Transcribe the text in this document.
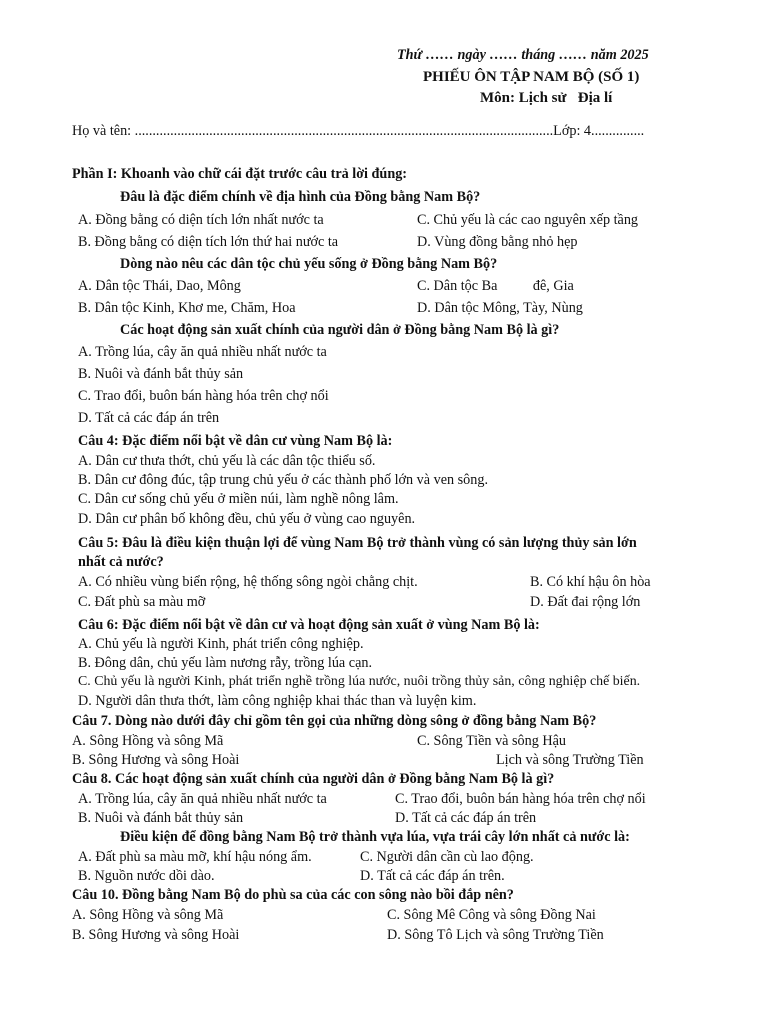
Thứ …… ngày …… tháng …… năm 2025
PHIẾU ÔN TẬP NAM BỘ (SỐ 1)
Môn: Lịch sử   Địa lí
Họ và tên: ......................................................................................................................Lớp: 4...............
Phần I: Khoanh vào chữ cái đặt trước câu trả lời đúng:
Đâu là đặc điểm chính về địa hình của Đồng bằng Nam Bộ?
A. Đồng bằng có diện tích lớn nhất nước ta	C. Chủ yếu là các cao nguyên xếp tầng
B. Đồng bằng có diện tích lớn thứ hai nước ta	D. Vùng đồng bằng nhỏ hẹp
Dòng nào nêu các dân tộc chủ yếu sống ở Đồng bằng Nam Bộ?
A. Dân tộc Thái, Dao, Mông	C. Dân tộc Ba          đê, Gia
B. Dân tộc Kinh, Khơ me, Chăm, Hoa	D. Dân tộc Mông, Tày, Nùng
Các hoạt động sản xuất chính của người dân ở Đồng bằng Nam Bộ là gì?
A. Trồng lúa, cây ăn quả nhiều nhất nước ta
B. Nuôi và đánh bắt thủy sản
C. Trao đổi, buôn bán hàng hóa trên chợ nổi
D. Tất cả các đáp án trên
Câu 4: Đặc điểm nổi bật về dân cư vùng Nam Bộ là:
A. Dân cư thưa thớt, chủ yếu là các dân tộc thiểu số.
B. Dân cư đông đúc, tập trung chủ yếu ở các thành phố lớn và ven sông.
C. Dân cư sống chủ yếu ở miền núi, làm nghề nông lâm.
D. Dân cư phân bố không đều, chủ yếu ở vùng cao nguyên.
Câu 5: Đâu là điều kiện thuận lợi để vùng Nam Bộ trở thành vùng có sản lượng thủy sản lớn
nhất cả nước?
A. Có nhiều vùng biển rộng, hệ thống sông ngòi chằng chịt.	B. Có khí hậu ôn hòa
C. Đất phù sa màu mỡ	D. Đất đai rộng lớn
Câu 6: Đặc điểm nổi bật về dân cư và hoạt động sản xuất ở vùng Nam Bộ là:
A. Chủ yếu là người Kinh, phát triển công nghiệp.
B. Đông dân, chủ yếu làm nương rẫy, trồng lúa cạn.
C. Chủ yếu là người Kinh, phát triển nghề trồng lúa nước, nuôi trồng thủy sản, công nghiệp chế biến.
D. Người dân thưa thớt, làm công nghiệp khai thác than và luyện kim.
Câu 7. Dòng nào dưới đây chỉ gồm tên gọi của những dòng sông ở đồng bằng Nam Bộ?
A. Sông Hồng và sông Mã	C. Sông Tiền và sông Hậu
B. Sông Hương và sông Hoài	Lịch và sông Trường Tiền
Câu 8. Các hoạt động sản xuất chính của người dân ở Đồng bằng Nam Bộ là gì?
A. Trồng lúa, cây ăn quả nhiều nhất nước ta	C. Trao đổi, buôn bán hàng hóa trên chợ nổi
B. Nuôi và đánh bắt thủy sản	D. Tất cả các đáp án trên
Điều kiện để đồng bằng Nam Bộ trở thành vựa lúa, vựa trái cây lớn nhất cả nước là:
A. Đất phù sa màu mỡ, khí hậu nóng ẩm.	C. Người dân cần cù lao động.
B. Nguồn nước dồi dào.	D. Tất cả các đáp án trên.
Câu 10. Đồng bằng Nam Bộ do phù sa của các con sông nào bồi đắp nên?
A. Sông Hồng và sông Mã	C. Sông Mê Công và sông Đồng Nai
B. Sông Hương và sông Hoài	D. Sông Tô Lịch và sông Trường Tiền
